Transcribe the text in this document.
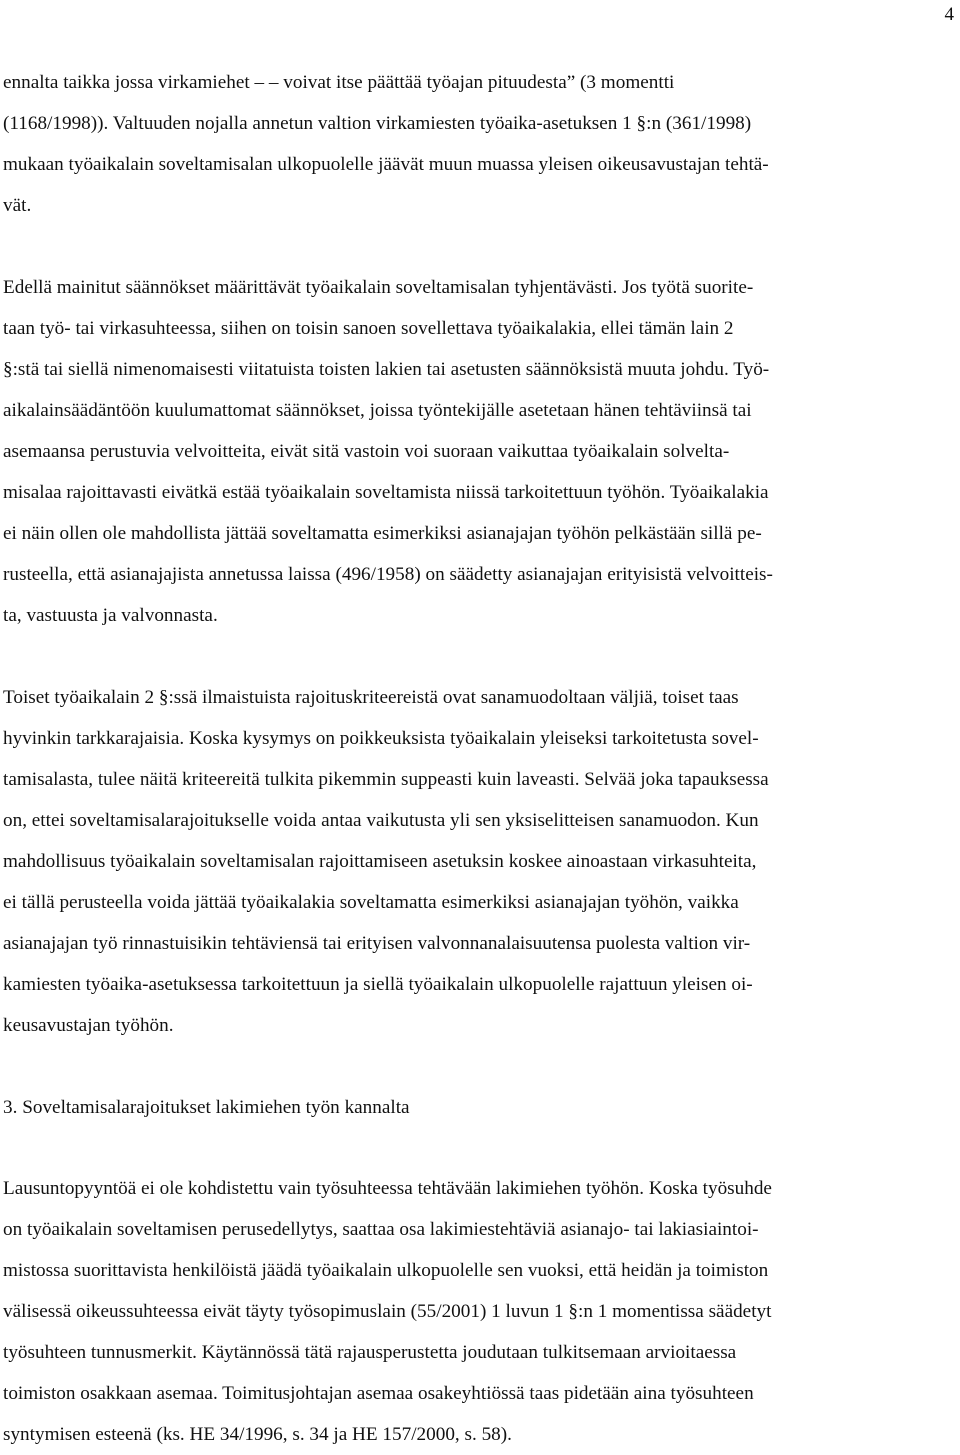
4

ennalta taikka jossa virkamiehet – – voivat itse päättää työajan pituudesta” (3 momentti

(1168/1998)). Valtuuden nojalla annetun valtion virkamiesten työaika-asetuksen 1 §:n (361/1998)

mukaan työaikalain soveltamisalan ulkopuolelle jäävät muun muassa yleisen oikeusavustajan tehtä-

vät.

Edellä mainitut säännökset määrittävät työaikalain soveltamisalan tyhjentävästi. Jos työtä suorite-

taan työ- tai virkasuhteessa, siihen on toisin sanoen sovellettava työaikalakia, ellei tämän lain 2

§:stä tai siellä nimenomaisesti viitatuista toisten lakien tai asetusten säännöksistä muuta johdu. Työ-

aikalainsäädäntöön kuulumattomat säännökset, joissa työntekijälle asetetaan hänen tehtäviinsä tai

asemaansa perustuvia velvoitteita, eivät sitä vastoin voi suoraan vaikuttaa työaikalain solvelta-

misalaa rajoittavasti eivätkä estää työaikalain soveltamista niissä tarkoitettuun työhön. Työaikalakia

ei näin ollen ole mahdollista jättää soveltamatta esimerkiksi asianajajan työhön pelkästään sillä pe-

rusteella, että asianajajista annetussa laissa (496/1958) on säädetty asianajajan erityisistä velvoitteis-

ta, vastuusta ja valvonnasta.

Toiset työaikalain 2 §:ssä ilmaistuista rajoituskriteereistä ovat sanamuodoltaan väljiä, toiset taas

hyvinkin tarkkarajaisia. Koska kysymys on poikkeuksista työaikalain yleiseksi tarkoitetusta sovel-

tamisalasta, tulee näitä kriteereitä tulkita pikemmin suppeasti kuin laveasti. Selvää joka tapauksessa

on, ettei soveltamisalarajoitukselle voida antaa vaikutusta yli sen yksiselitteisen sanamuodon. Kun

mahdollisuus työaikalain soveltamisalan rajoittamiseen asetuksin koskee ainoastaan virkasuhteita,

ei tällä perusteella voida jättää työaikalakia soveltamatta esimerkiksi asianajajan työhön, vaikka

asianajajan työ rinnastuisikin tehtäviensä tai erityisen valvonnanalaisuutensa puolesta valtion vir-

kamiesten työaika-asetuksessa tarkoitettuun ja siellä työaikalain ulkopuolelle rajattuun yleisen oi-

keusavustajan työhön.

3. Soveltamisalarajoitukset lakimiehen työn kannalta

Lausuntopyyntöä ei ole kohdistettu vain työsuhteessa tehtävään lakimiehen työhön. Koska työsuhde

on työaikalain soveltamisen perusedellytys, saattaa osa lakimiestehtäviä asianajo- tai lakiasiaintoi-

mistossa suorittavista henkilöistä jäädä työaikalain ulkopuolelle sen vuoksi, että heidän ja toimiston

välisessä oikeussuhteessa eivät täyty työsopimuslain (55/2001) 1 luvun 1 §:n 1 momentissa säädetyt

työsuhteen tunnusmerkit. Käytännössä tätä rajausperustetta joudutaan tulkitsemaan arvioitaessa

toimiston osakkaan asemaa. Toimitusjohtajan asemaa osakeyhtiössä taas pidetään aina työsuhteen

syntymisen esteenä (ks. HE 34/1996, s. 34 ja HE 157/2000, s. 58).
